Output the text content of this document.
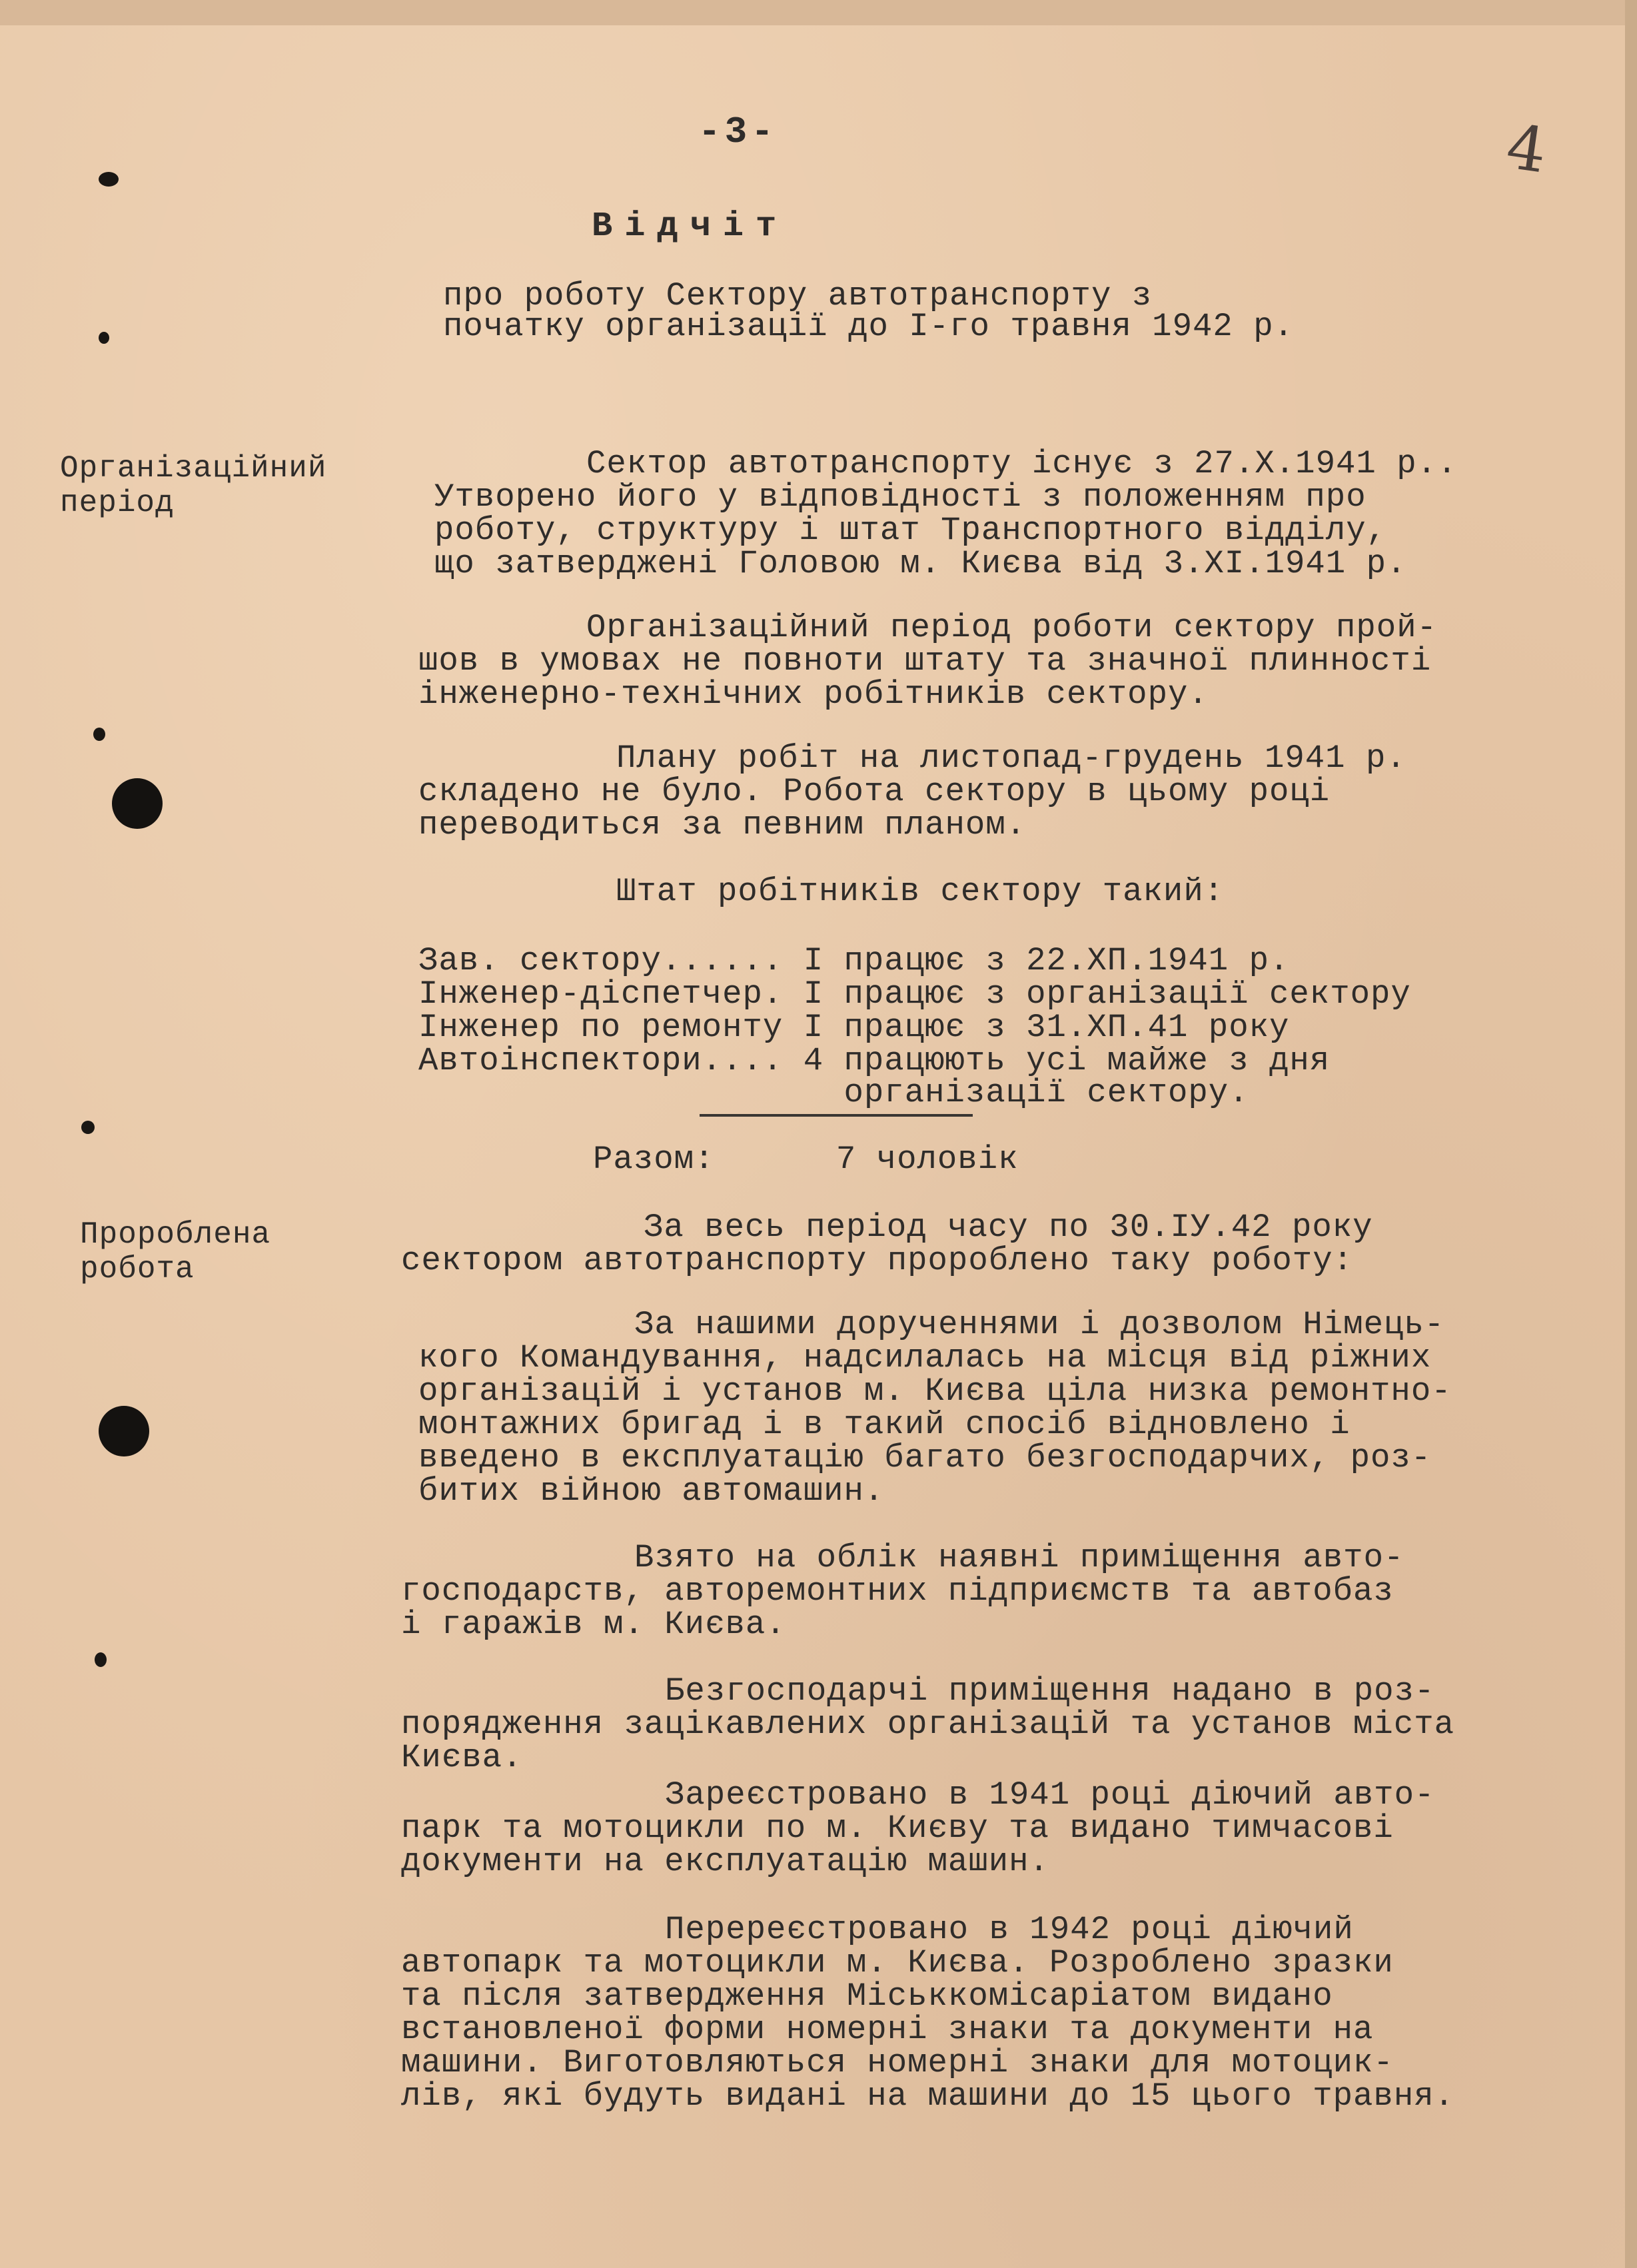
-3-	4
Відчіт
про роботу Сектору автотранспорту з
початку організації до I-го травня 1942 р.
Організаційний
період
Пророблена
робота
Сектор автотранспорту існує з 27.X.1941 р..
Утворено його у відповідності з положенням про
роботу, структуру і штат Транспортного відділу,
що затверджені Головою м. Києва від 3.XI.1941 р.
Організаційний період роботи сектору прой-
шов в умовах не повноти штату та значної плинності
інженерно-технічних робітників сектору.
Плану робіт на листопад-грудень 1941 р.
складено не було. Робота сектору в цьому році
переводиться за певним планом.
Штат робітників сектору такий:
Зав. сектору...... I працює з 22.ХП.1941 р.
Інженер-діспетчер. I працює з організації сектору
Інженер по ремонту I працює з 31.ХП.41 року
Автоінспектори.... 4 працюють усі майже з дня
організації сектору.
Разом:      7 чоловік
За весь період часу по 30.IУ.42 року
сектором автотранспорту пророблено таку роботу:
За нашими дорученнями і дозволом Німець-
кого Командування, надсилалась на місця від ріжних
організацій і установ м. Києва ціла низка ремонтно-
монтажних бригад і в такий спосіб відновлено і
введено в експлуатацію багато безгосподарчих, роз-
битих війною автомашин.
Взято на облік наявні приміщення авто-
господарств, авторемонтних підприємств та автобаз
і гаражів м. Києва.
Безгосподарчі приміщення надано в роз-
порядження зацікавлених організацій та установ міста
Києва.
Зареєстровано в 1941 році діючий авто-
парк та мотоцикли по м. Києву та видано тимчасові
документи на експлуатацію машин.
Перереєстровано в 1942 році діючий
автопарк та мотоцикли м. Києва. Розроблено зразки
та після затвердження Міськкомісаріатом видано
встановленої форми номерні знаки та документи на
машини. Виготовляються номерні знаки для мотоцик-
лів, які будуть видані на машини до 15 цього травня.
